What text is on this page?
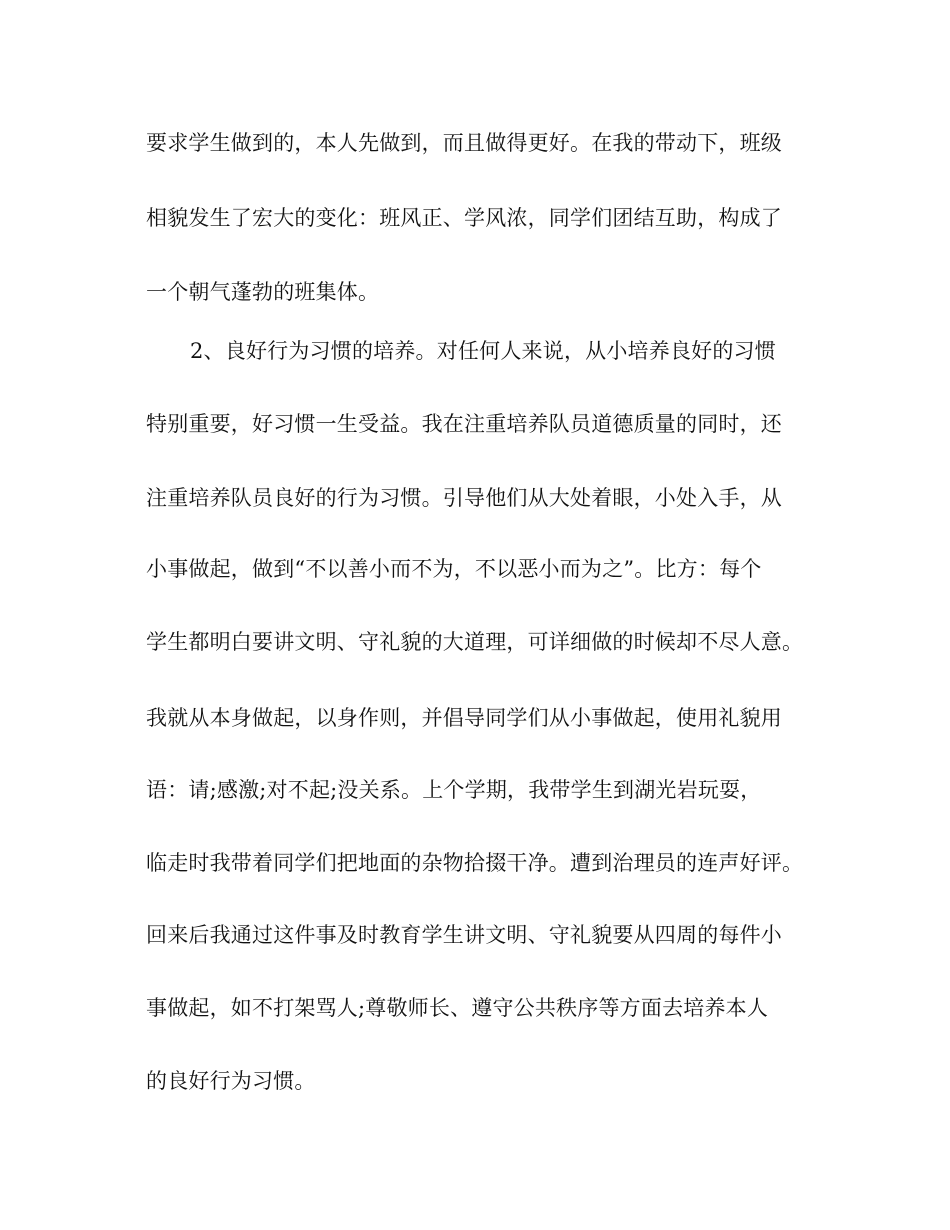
要求学生做到的，本人先做到，而且做得更好。在我的带动下，班级
相貌发生了宏大的变化：班风正、学风浓，同学们团结互助，构成了
一个朝气蓬勃的班集体。
2、良好行为习惯的培养。对任何人来说，从小培养良好的习惯
特别重要，好习惯一生受益。我在注重培养队员道德质量的同时，还
注重培养队员良好的行为习惯。引导他们从大处着眼，小处入手，从
小事做起，做到“不以善小而不为，不以恶小而为之”。比方：每个
学生都明白要讲文明、守礼貌的大道理，可详细做的时候却不尽人意。
我就从本身做起，以身作则，并倡导同学们从小事做起，使用礼貌用
语：请;感激;对不起;没关系。上个学期，我带学生到湖光岩玩耍，
临走时我带着同学们把地面的杂物拾掇干净。遭到治理员的连声好评。
回来后我通过这件事及时教育学生讲文明、守礼貌要从四周的每件小
事做起，如不打架骂人;尊敬师长、遵守公共秩序等方面去培养本人
的良好行为习惯。
